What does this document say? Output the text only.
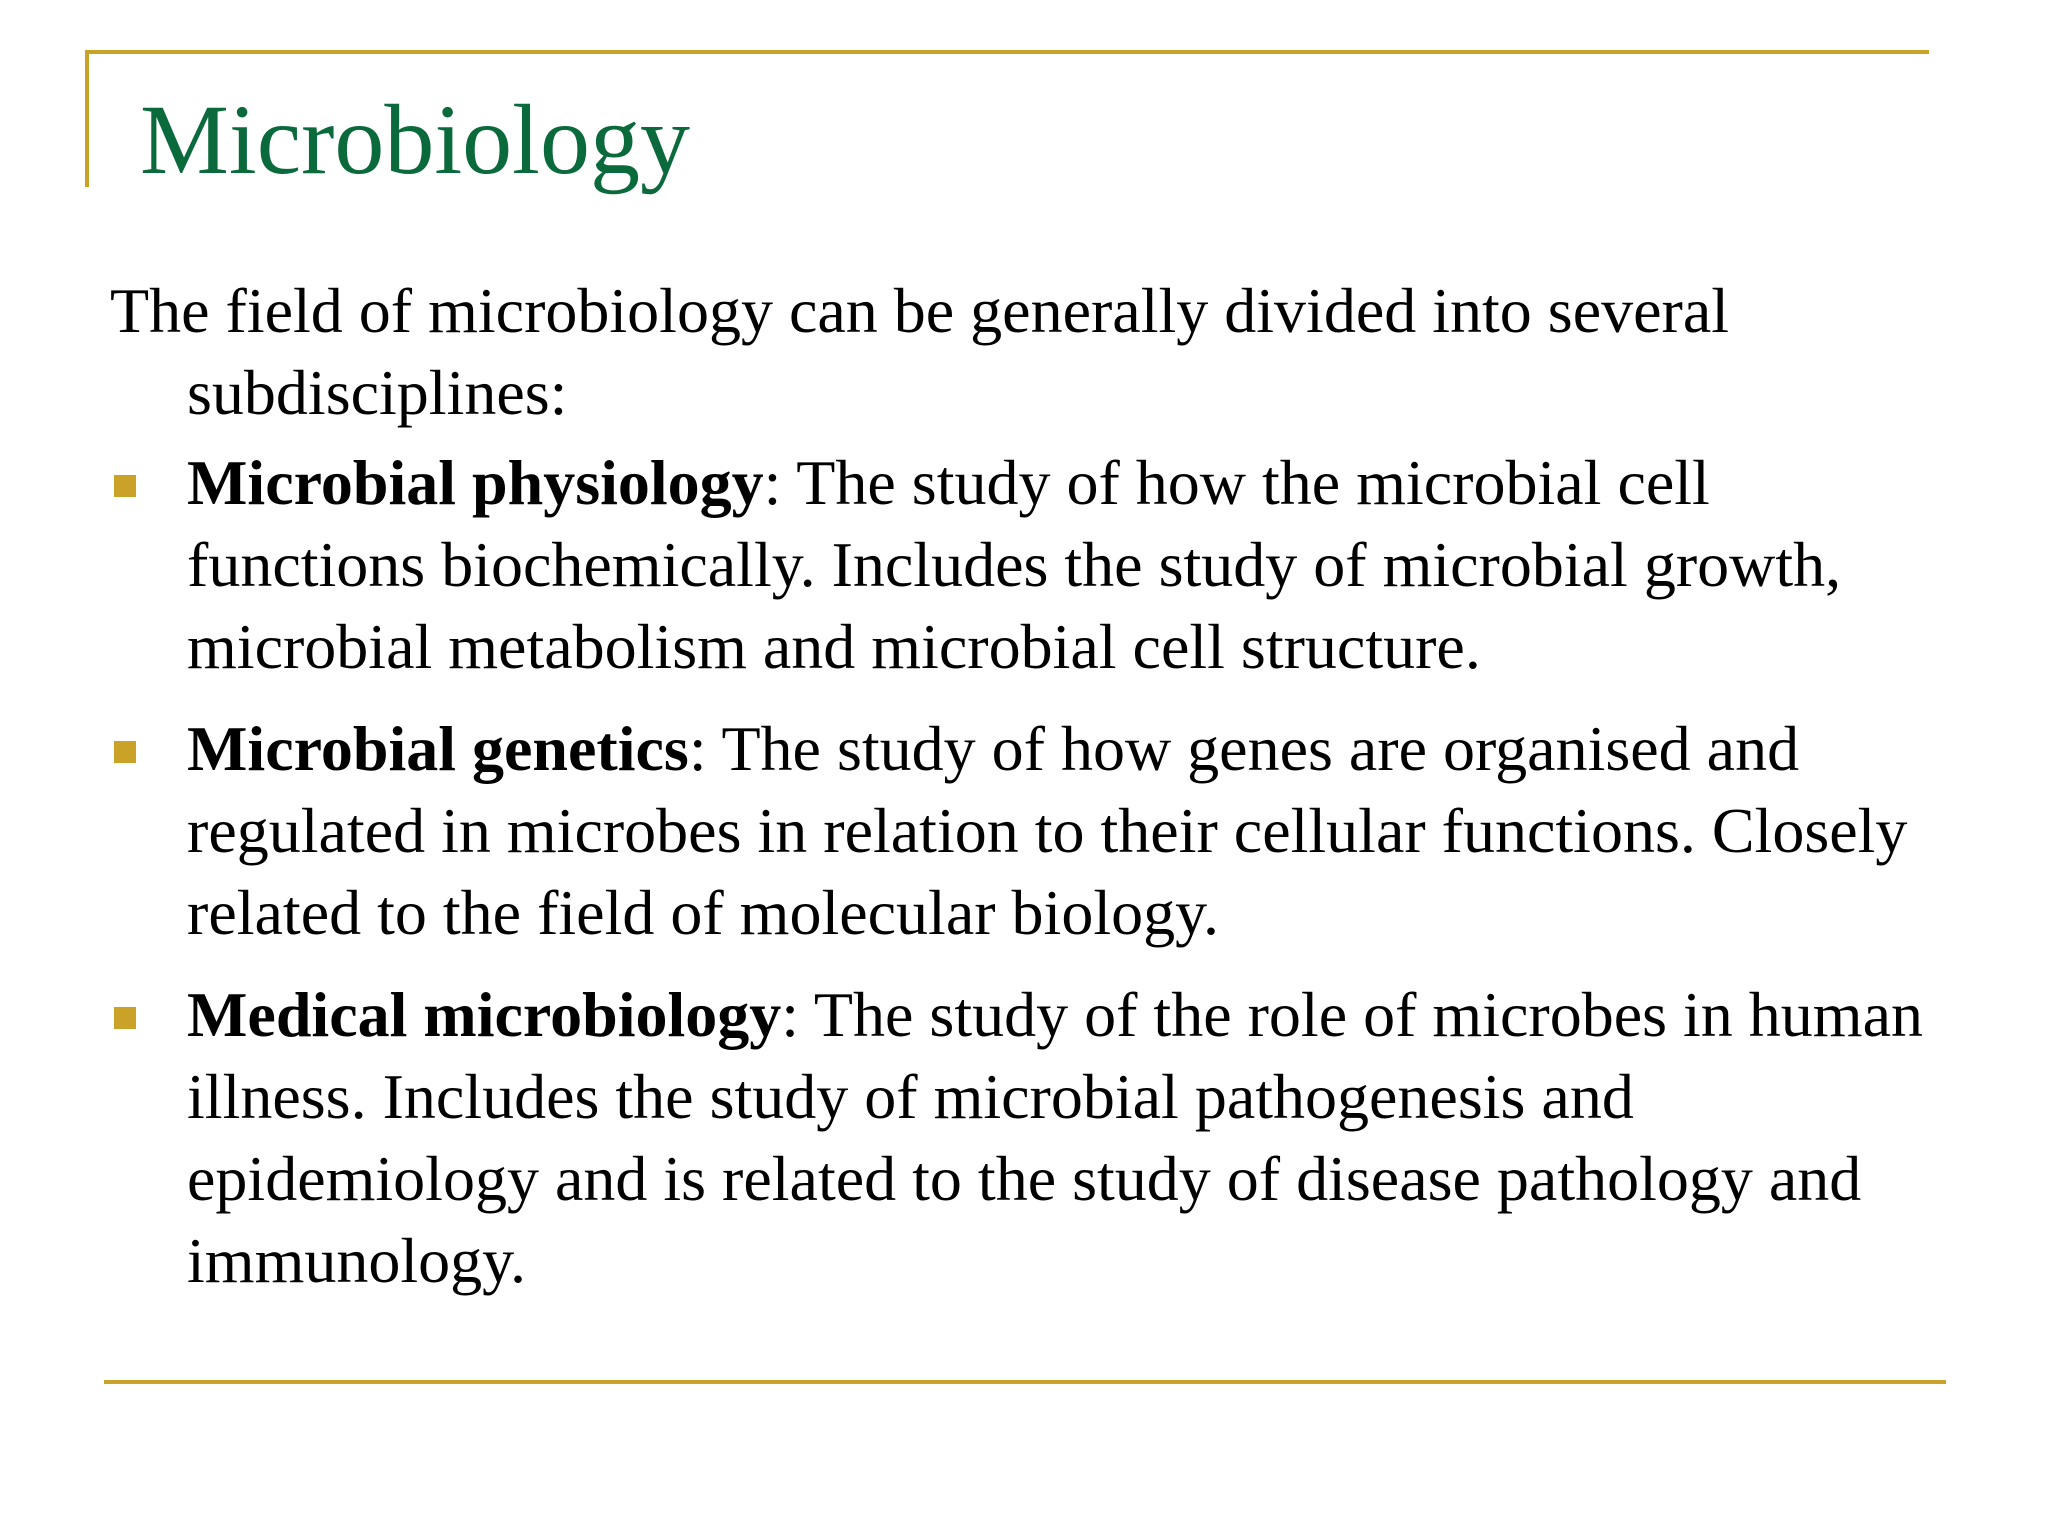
Microbiology

The field of microbiology can be generally divided into several subdisciplines:

Microbial physiology: The study of how the microbial cell functions biochemically. Includes the study of microbial growth, microbial metabolism and microbial cell structure.
Microbial genetics: The study of how genes are organised and regulated in microbes in relation to their cellular functions. Closely related to the field of molecular biology.
Medical microbiology: The study of the role of microbes in human illness. Includes the study of microbial pathogenesis and epidemiology and is related to the study of disease pathology and immunology.
